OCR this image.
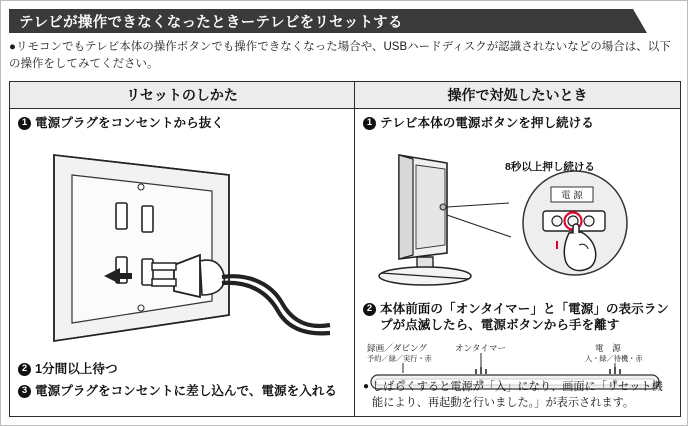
テレビが操作できなくなったときーテレビをリセットする
●リモコンでもテレビ本体の操作ボタンでも操作できなくなった場合や、USBハードディスクが認識されないなどの場合は、以下の操作をしてみてください。
リセットのしかた
1 電源プラグをコンセントから抜く
2 1分間以上待つ
3 電源プラグをコンセントに差し込んで、電源を入れる
操作で対処したいとき
1 テレビ本体の電源ボタンを押し続ける
電 源
8秒以上押し続ける
2 本体前面の「オンタイマー」と「電源」の表示ランプが点滅したら、電源ボタンから手を離す
録画／ダビング
予約／緑／実行・赤
オンタイマー	電　源
入・緑／待機・赤
● しばらくすると電源が「入」になり、画面に「リセット機能により、再起動を行いました。」が表示されます。
